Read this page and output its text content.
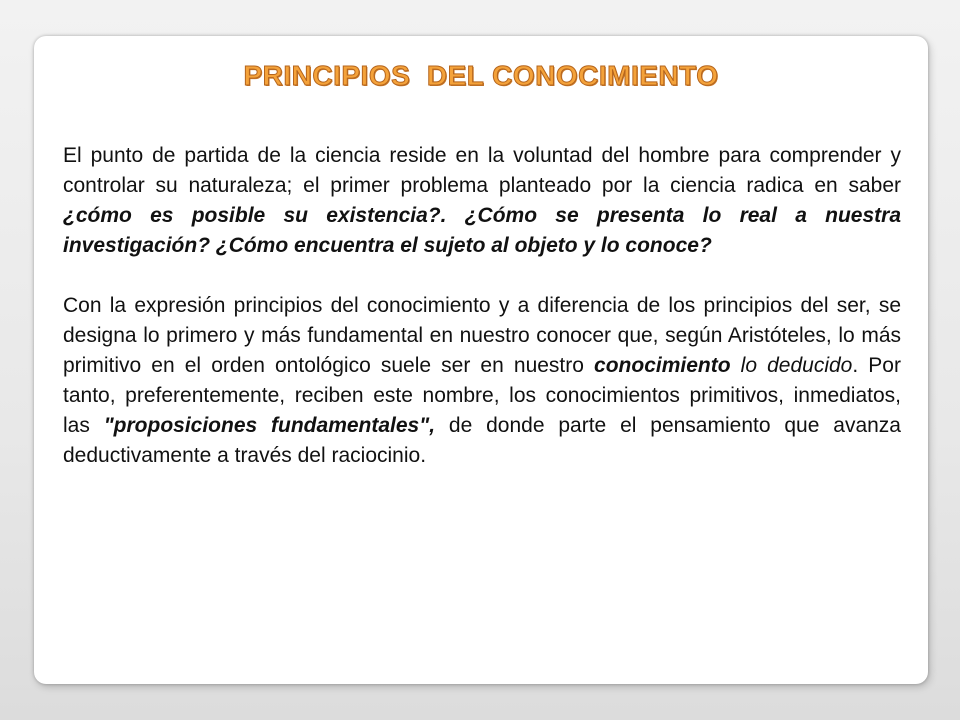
PRINCIPIOS  DEL CONOCIMIENTO

El punto de partida de la ciencia reside en la voluntad del hombre para comprender y controlar su naturaleza; el primer problema planteado por la ciencia radica en saber ¿cómo es posible su existencia?. ¿Cómo se presenta lo real a nuestra investigación? ¿Cómo encuentra el sujeto al objeto y lo conoce?

Con la expresión principios del conocimiento y a diferencia de los principios del ser, se designa lo primero y más fundamental en nuestro conocer que, según Aristóteles, lo más primitivo en el orden ontológico suele ser en nuestro conocimiento lo deducido. Por tanto, preferentemente, reciben este nombre, los conocimientos primitivos, inmediatos, las "proposiciones fundamentales", de donde parte el pensamiento que avanza deductivamente a través del raciocinio.
